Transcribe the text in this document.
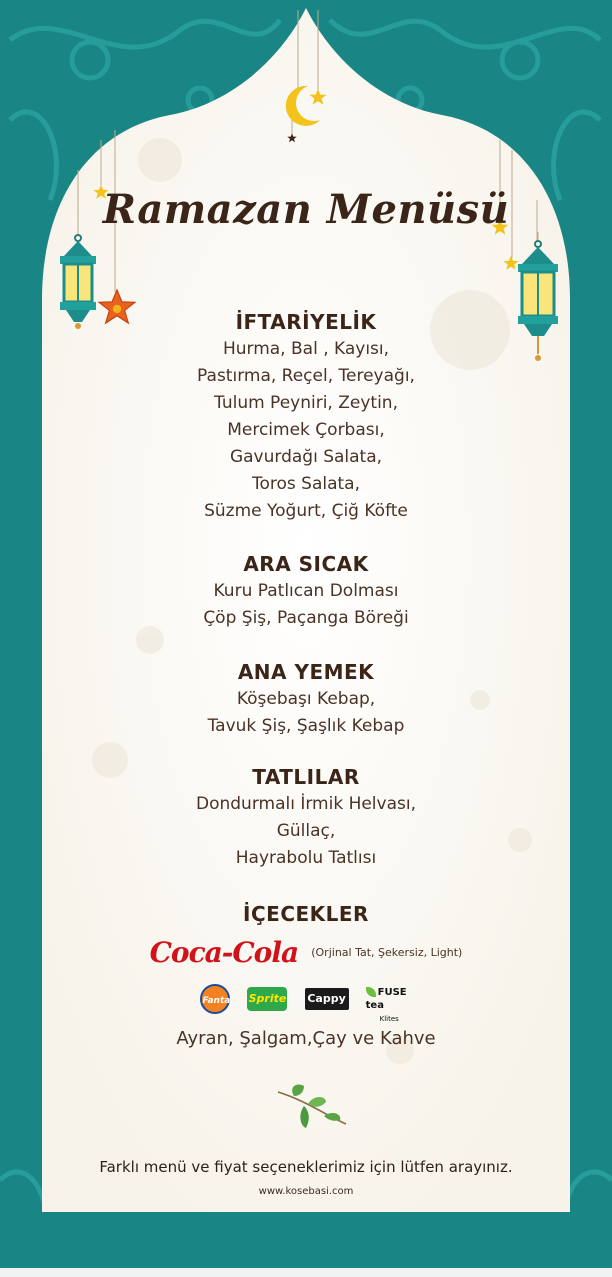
Ramazan Menüsü
İFTARİYELİK
Hurma, Bal , Kayısı,
Pastırma, Reçel, Tereyağı,
Tulum Peyniri, Zeytin,
Mercimek Çorbası,
Gavurdağı Salata,
Toros Salata,
Süzme Yoğurt, Çiğ Köfte
ARA SICAK
Kuru Patlıcan Dolması
Çöp Şiş, Paçanga Böreği
ANA YEMEK
Köşebaşı Kebap,
Tavuk Şiş, Şaşlık Kebap
TATLILAR
Dondurmalı İrmik Helvası,
Güllaç,
Hayrabolu Tatlısı
İÇECEKLER
Coca-Cola (Orjinal Tat, Şekersiz, Light)
Fanta Sprite Cappy	FUSE tea
Klites
Ayran, Şalgam,Çay ve Kahve
Farklı menü ve fiyat seçeneklerimiz için lütfen arayınız.
www.kosebasi.com
